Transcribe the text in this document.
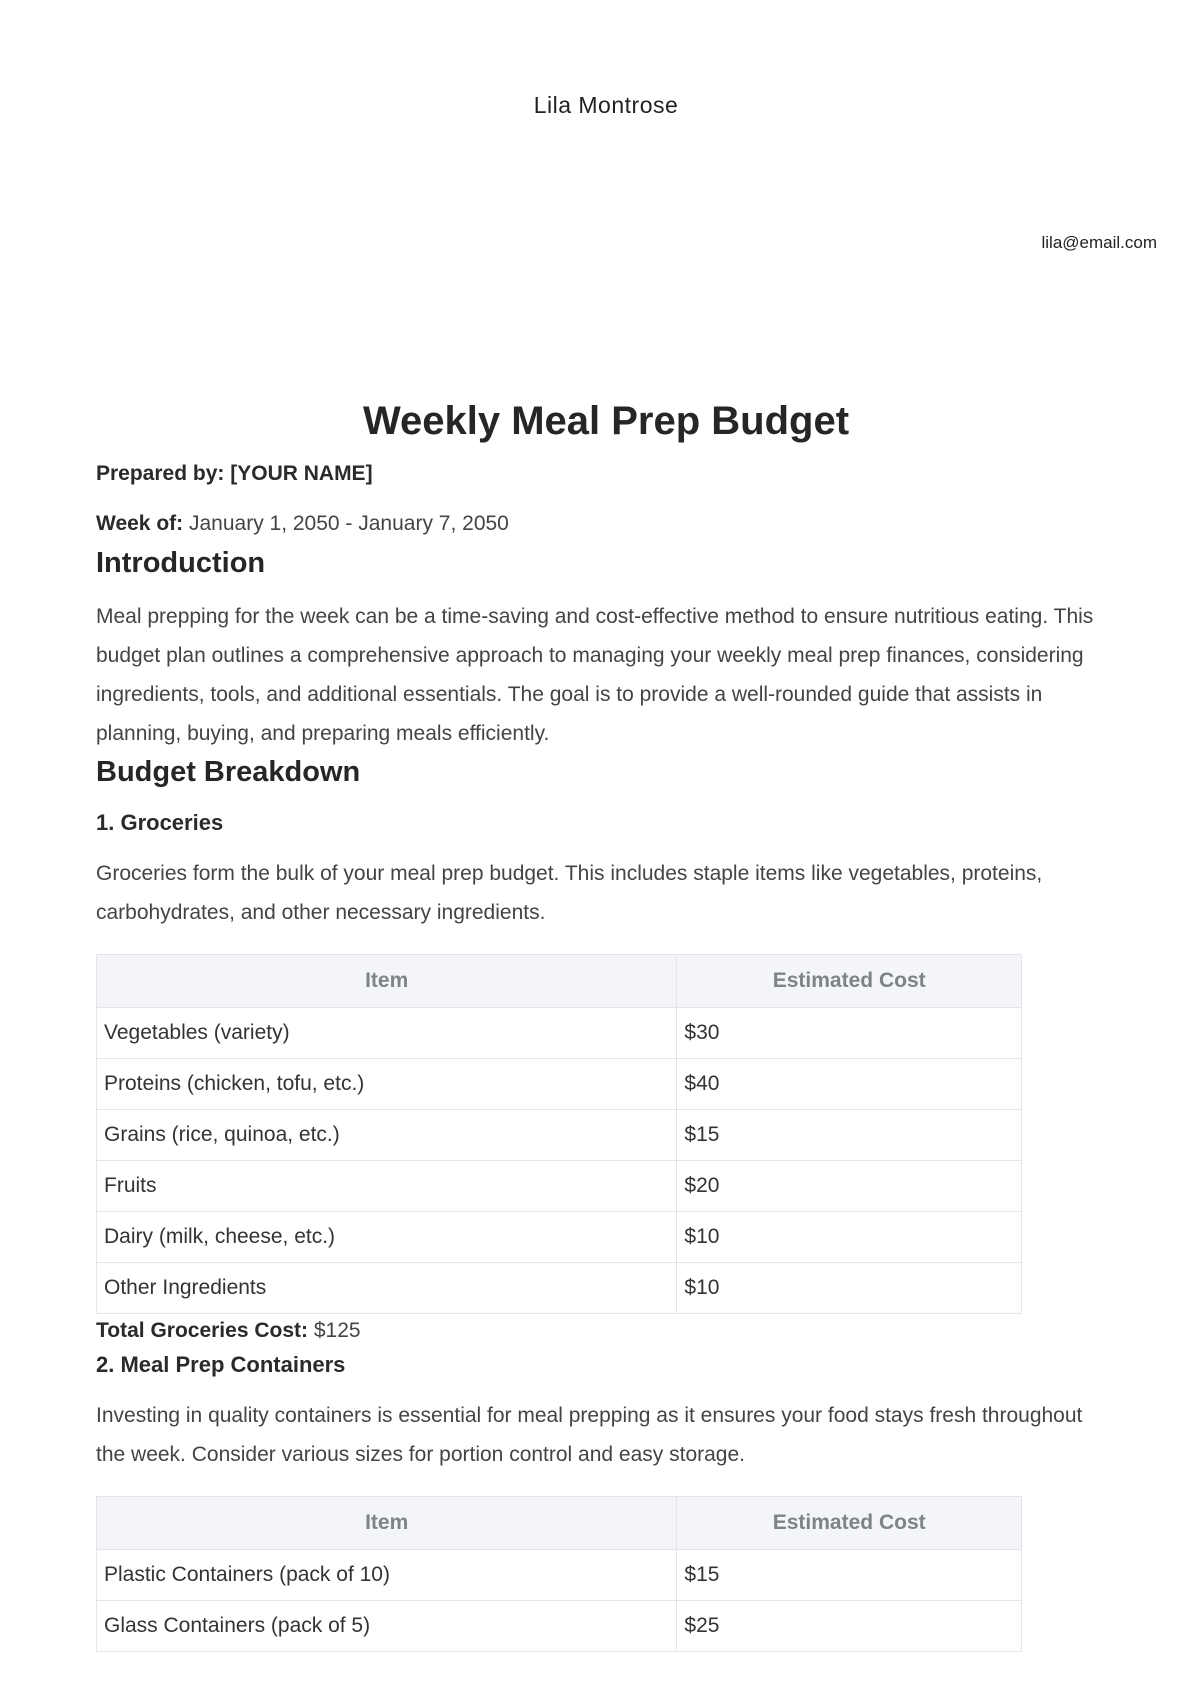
Lila Montrose
lila@email.com
Weekly Meal Prep Budget

Prepared by: [YOUR NAME]

Week of: January 1, 2050 - January 7, 2050

Introduction

Meal prepping for the week can be a time-saving and cost-effective method to ensure nutritious eating. This budget plan outlines a comprehensive approach to managing your weekly meal prep finances, considering ingredients, tools, and additional essentials. The goal is to provide a well-rounded guide that assists in planning, buying, and preparing meals efficiently.

Budget Breakdown
1. Groceries

Groceries form the bulk of your meal prep budget. This includes staple items like vegetables, proteins, carbohydrates, and other necessary ingredients.

Item	Estimated Cost
Vegetables (variety)	$30
Proteins (chicken, tofu, etc.)	$40
Grains (rice, quinoa, etc.)	$15
Fruits	$20
Dairy (milk, cheese, etc.)	$10
Other Ingredients	$10

Total Groceries Cost: $125

2. Meal Prep Containers

Investing in quality containers is essential for meal prepping as it ensures your food stays fresh throughout the week. Consider various sizes for portion control and easy storage.

Item	Estimated Cost
Plastic Containers (pack of 10)	$15
Glass Containers (pack of 5)	$25
